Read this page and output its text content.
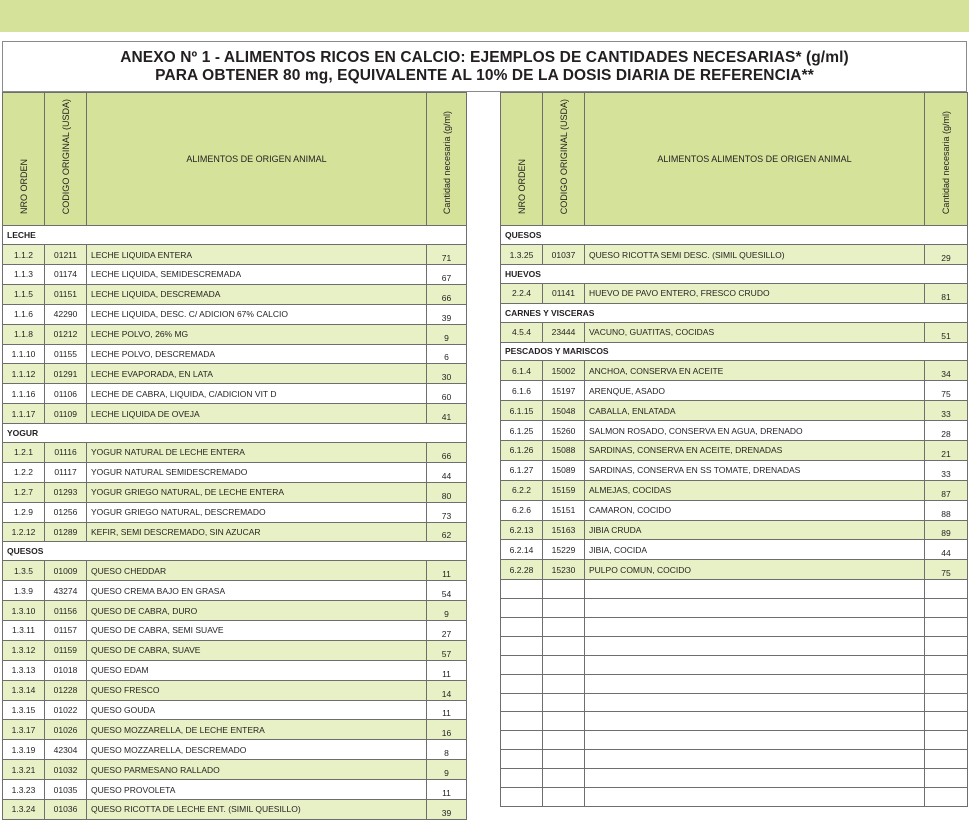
ANEXO Nº 1 - ALIMENTOS RICOS EN CALCIO: EJEMPLOS DE CANTIDADES NECESARIAS* (g/ml)
PARA OBTENER 80 mg, EQUIVALENTE AL 10% DE LA DOSIS DIARIA DE REFERENCIA**
NRO ORDEN	CODIGO ORIGINAL (USDA)	ALIMENTOS DE ORIGEN ANIMAL	Cantidad necesaria (g/ml)
LECHE			
1.1.2	01211	LECHE LIQUIDA ENTERA	71
1.1.3	01174	LECHE LIQUIDA, SEMIDESCREMADA	67
1.1.5	01151	LECHE LIQUIDA, DESCREMADA	66
1.1.6	42290	LECHE LIQUIDA, DESC. C/ ADICION 67% CALCIO	39
1.1.8	01212	LECHE POLVO, 26% MG	9
1.1.10	01155	LECHE POLVO, DESCREMADA	6
1.1.12	01291	LECHE EVAPORADA, EN LATA	30
1.1.16	01106	LECHE DE CABRA, LIQUIDA, C/ADICION VIT D	60
1.1.17	01109	LECHE LIQUIDA DE OVEJA	41
YOGUR			
1.2.1	01116	YOGUR NATURAL DE LECHE ENTERA	66
1.2.2	01117	YOGUR NATURAL SEMIDESCREMADO	44
1.2.7	01293	YOGUR GRIEGO NATURAL, DE LECHE ENTERA	80
1.2.9	01256	YOGUR GRIEGO NATURAL, DESCREMADO	73
1.2.12	01289	KEFIR, SEMI DESCREMADO, SIN AZUCAR	62
QUESOS			
1.3.5	01009	QUESO CHEDDAR	11
1.3.9	43274	QUESO CREMA BAJO EN GRASA	54
1.3.10	01156	QUESO DE CABRA, DURO	9
1.3.11	01157	QUESO DE CABRA, SEMI SUAVE	27
1.3.12	01159	QUESO DE CABRA, SUAVE	57
1.3.13	01018	QUESO EDAM	11
1.3.14	01228	QUESO FRESCO	14
1.3.15	01022	QUESO GOUDA	11
1.3.17	01026	QUESO MOZZARELLA, DE LECHE ENTERA	16
1.3.19	42304	QUESO MOZZARELLA, DESCREMADO	8
1.3.21	01032	QUESO PARMESANO RALLADO	9
1.3.23	01035	QUESO PROVOLETA	11
1.3.24	01036	QUESO RICOTTA DE LECHE ENT. (SIMIL QUESILLO)	39
NRO ORDEN	CODIGO ORIGINAL (USDA)	ALIMENTOS ALIMENTOS DE ORIGEN ANIMAL	Cantidad necesaria (g/ml)
QUESOS			
1.3.25	01037	QUESO RICOTTA SEMI DESC. (SIMIL QUESILLO)	29
HUEVOS			
2.2.4	01141	HUEVO DE PAVO ENTERO, FRESCO CRUDO	81
CARNES Y VISCERAS			
4.5.4	23444	VACUNO, GUATITAS, COCIDAS	51
PESCADOS Y MARISCOS			
6.1.4	15002	ANCHOA, CONSERVA EN ACEITE	34
6.1.6	15197	ARENQUE, ASADO	75
6.1.15	15048	CABALLA, ENLATADA	33
6.1.25	15260	SALMON ROSADO, CONSERVA EN AGUA, DRENADO	28
6.1.26	15088	SARDINAS, CONSERVA EN ACEITE, DRENADAS	21
6.1.27	15089	SARDINAS, CONSERVA EN SS TOMATE, DRENADAS	33
6.2.2	15159	ALMEJAS, COCIDAS	87
6.2.6	15151	CAMARON, COCIDO	88
6.2.13	15163	JIBIA CRUDA	89
6.2.14	15229	JIBIA, COCIDA	44
6.2.28	15230	PULPO COMUN, COCIDO	75
